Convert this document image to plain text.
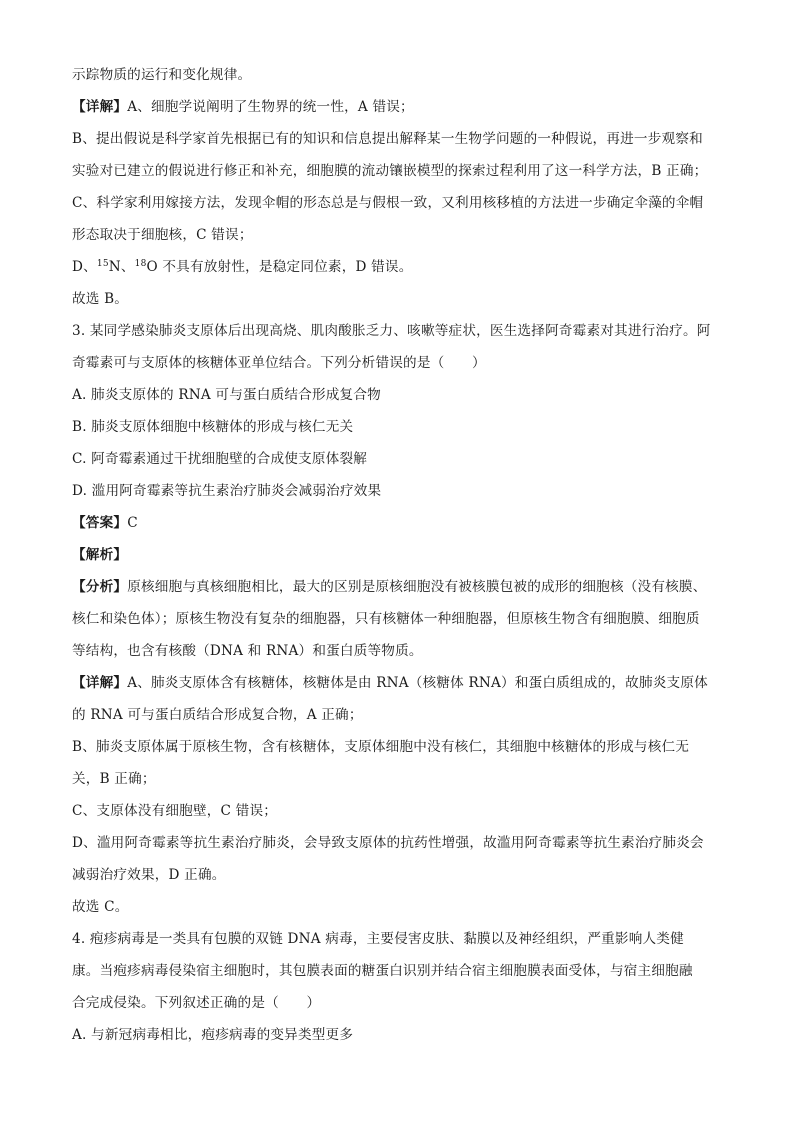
示踪物质的运行和变化规律。
【详解】A、细胞学说阐明了生物界的统一性，A 错误；
B、提出假说是科学家首先根据已有的知识和信息提出解释某一生物学问题的一种假说，再进一步观察和
实验对已建立的假说进行修正和补充，细胞膜的流动镶嵌模型的探索过程利用了这一科学方法，B 正确；
C、科学家利用嫁接方法，发现伞帽的形态总是与假根一致，又利用核移植的方法进一步确定伞藻的伞帽
形态取决于细胞核，C 错误；
D、$^{15}$N、$^{18}$O 不具有放射性，是稳定同位素，D 错误。
故选 B。
3. 某同学感染肺炎支原体后出现高烧、肌肉酸胀乏力、咳嗽等症状，医生选择阿奇霉素对其进行治疗。阿
奇霉素可与支原体的核糖体亚单位结合。下列分析错误的是（　　）
A. 肺炎支原体的 RNA 可与蛋白质结合形成复合物
B. 肺炎支原体细胞中核糖体的形成与核仁无关
C. 阿奇霉素通过干扰细胞壁的合成使支原体裂解
D. 滥用阿奇霉素等抗生素治疗肺炎会减弱治疗效果
【答案】C
【解析】
【分析】原核细胞与真核细胞相比，最大的区别是原核细胞没有被核膜包被的成形的细胞核（没有核膜、
核仁和染色体）；原核生物没有复杂的细胞器，只有核糖体一种细胞器，但原核生物含有细胞膜、细胞质
等结构，也含有核酸（DNA 和 RNA）和蛋白质等物质。
【详解】A、肺炎支原体含有核糖体，核糖体是由 RNA（核糖体 RNA）和蛋白质组成的，故肺炎支原体
的 RNA 可与蛋白质结合形成复合物，A 正确；
B、肺炎支原体属于原核生物，含有核糖体，支原体细胞中没有核仁，其细胞中核糖体的形成与核仁无
关，B 正确；
C、支原体没有细胞壁，C 错误；
D、滥用阿奇霉素等抗生素治疗肺炎，会导致支原体的抗药性增强，故滥用阿奇霉素等抗生素治疗肺炎会
减弱治疗效果，D 正确。
故选 C。
4. 疱疹病毒是一类具有包膜的双链 DNA 病毒，主要侵害皮肤、黏膜以及神经组织，严重影响人类健
康。当疱疹病毒侵染宿主细胞时，其包膜表面的糖蛋白识别并结合宿主细胞膜表面受体，与宿主细胞融
合完成侵染。下列叙述正确的是（　　）
A. 与新冠病毒相比，疱疹病毒的变异类型更多
